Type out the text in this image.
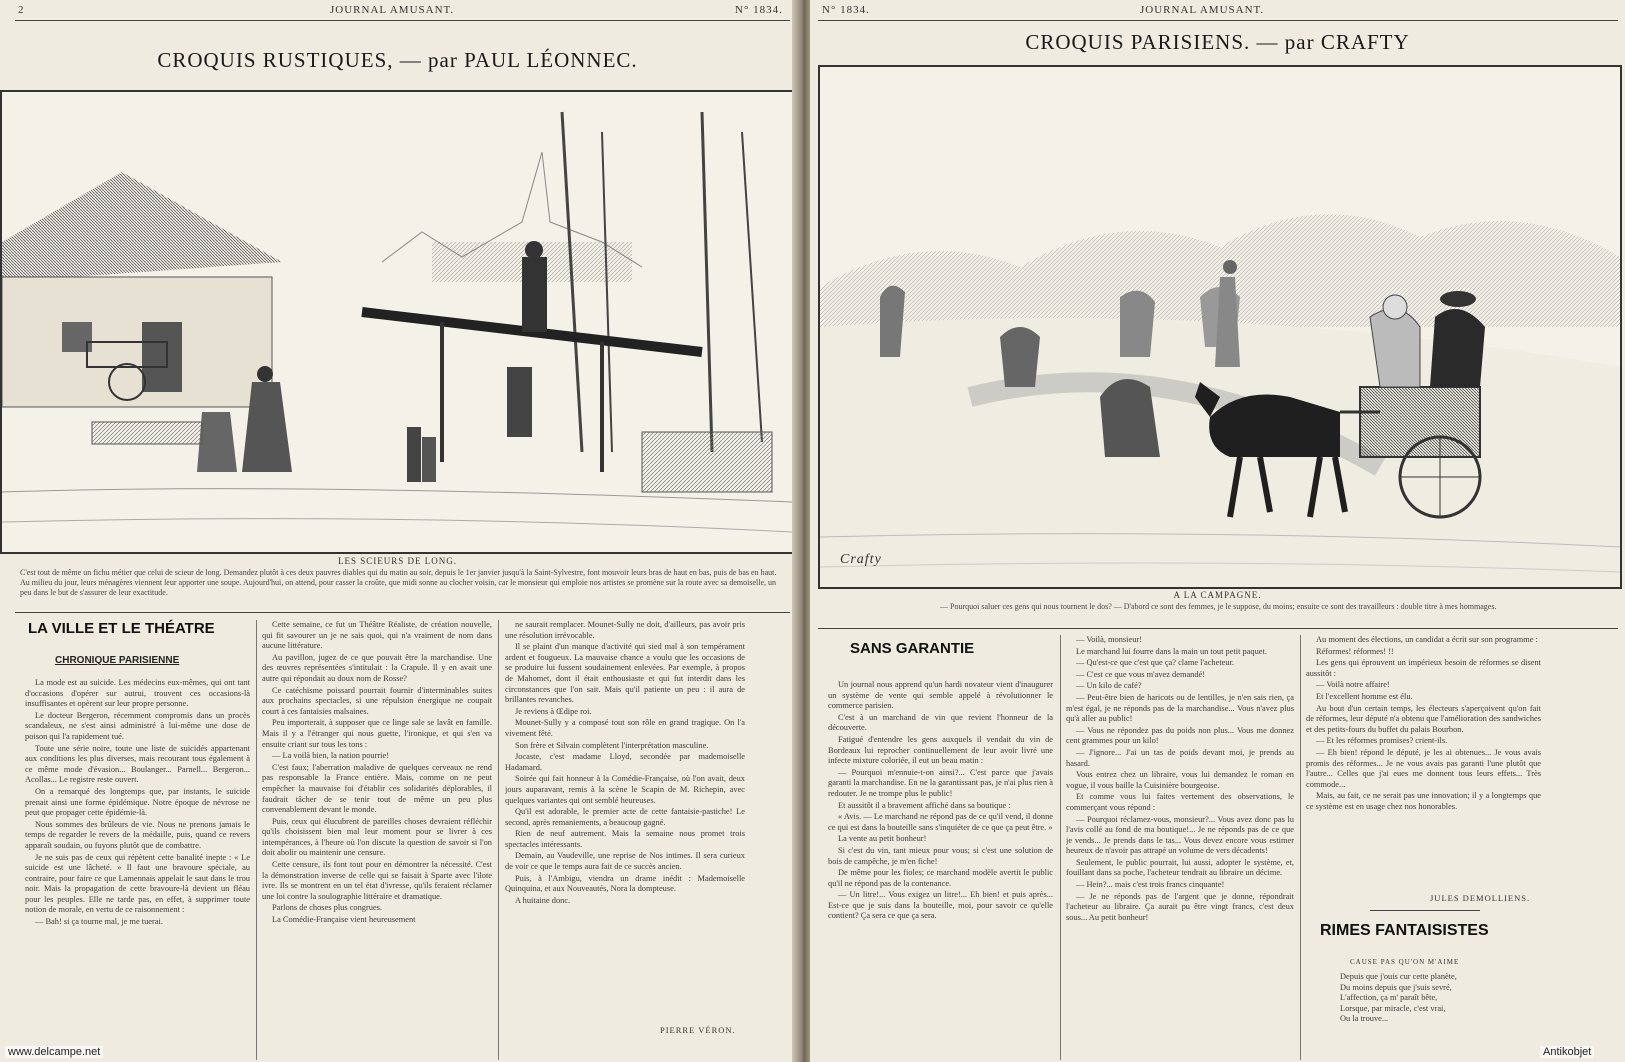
2	JOURNAL AMUSANT.	N° 1834.
CROQUIS RUSTIQUES, — par PAUL LÉONNEC.
LES SCIEURS DE LONG.
C'est tout de même un fichu métier que celui de scieur de long. Demandez plutôt à ces deux pauvres diables qui du matin au soir, depuis le 1er janvier jusqu'à la Saint-Sylvestre, font mouvoir leurs bras de haut en bas, puis de bas en haut. Au milieu du jour, leurs ménagères viennent leur apporter une soupe. Aujourd'hui, on attend, pour casser la croûte, que midi sonne au clocher voisin, car le monsieur qui emploie nos artistes se promène sur la route avec sa demoiselle, un peu dans le but de s'assurer de leur exactitude.
LA VILLE ET LE THÉATRE
CHRONIQUE PARISIENNE

La mode est au suicide. Les médecins eux-mêmes, qui ont tant d'occasions d'opérer sur autrui, trouvent ces occasions-là insuffisantes et opèrent sur leur propre personne.

Le docteur Bergeron, récemment compromis dans un procès scandaleux, ne s'est ainsi administré à lui-même une dose de poison qui l'a rapidement tué.

Toute une série noire, toute une liste de suicidés appartenant aux conditions les plus diverses, mais recourant tous également à ce même mode d'évasion... Boulanger... Parnell... Bergeron... Acollas... Le registre reste ouvert.

On a remarqué des longtemps que, par instants, le suicide prenait ainsi une forme épidémique. Notre époque de névrose ne peut que propager cette épidémie-là.

Nous sommes des brûleurs de vie. Nous ne prenons jamais le temps de regarder le revers de la médaille, puis, quand ce revers apparaît soudain, ou fuyons plutôt que de combattre.

Je ne suis pas de ceux qui répètent cette banalité inepte : « Le suicide est une lâcheté. » Il faut une bravoure spéciale, au contraire, pour faire ce que Lamennais appelait le saut dans le trou noir. Mais la propagation de cette bravoure-là devient un fléau pour les peuples. Elle ne tarde pas, en effet, à supprimer toute notion de morale, en vertu de ce raisonnement :

— Bah! si ça tourne mal, je me tuerai.

Cette semaine, ce fut un Théâtre Réaliste, de création nouvelle, qui fit savourer un je ne sais quoi, qui n'a vraiment de nom dans aucune littérature.

Au pavillon, jugez de ce que pouvait être la marchandise. Une des œuvres représentées s'intitulait : la Crapule. Il y en avait une autre qui répondait au doux nom de Rosse?

Ce catéchisme poissard pourrait fournir d'interminables suites aux prochains spectacles, si une répulsion énergique ne coupait court à ces fantaisies malsaines.

Peu importerait, à supposer que ce linge sale se lavât en famille. Mais il y a l'étranger qui nous guette, l'ironique, et qui s'en va ensuite criant sur tous les tons :

— La voilà bien, la nation pourrie!

C'est faux; l'aberration maladive de quelques cerveaux ne rend pas responsable la France entière. Mais, comme on ne peut empêcher la mauvaise foi d'établir ces solidarités déplorables, il faudrait tâcher de se tenir tout de même un peu plus convenablement devant le monde.

Puis, ceux qui élucubrent de pareilles choses devraient réfléchir qu'ils choisissent bien mal leur moment pour se livrer à ces intempérances, à l'heure où l'on discute la question de savoir si l'on doit abolir ou maintenir une censure.

Cette censure, ils font tout pour en démontrer la nécessité. C'est la démonstration inverse de celle qui se faisait à Sparte avec l'ilote ivre. Ils se montrent en un tel état d'ivresse, qu'ils feraient réclamer une loi contre la soulographie littéraire et dramatique.

Parlons de choses plus congrues.

La Comédie-Française vient heureusement

ne saurait remplacer. Mounet-Sully ne doit, d'ailleurs, pas avoir pris une résolution irrévocable.

Il se plaint d'un manque d'activité qui sied mal à son tempérament ardent et fougueux. La mauvaise chance a voulu que les occasions de se produire lui fussent soudainement enlevées. Par exemple, à propos de Mahomet, dont il était enthousiaste et qui fut interdit dans les circonstances que l'on sait. Mais qu'il patiente un peu : il aura de brillantes revanches.

Je reviens à Œdipe roi.

Mounet-Sully y a composé tout son rôle en grand tragique. On l'a vivement fêté.

Son frère et Silvain complètent l'interprétation masculine.

Jocaste, c'est madame Lloyd, secondée par mademoiselle Hadamard.

Soirée qui fait honneur à la Comédie-Française, où l'on avait, deux jours auparavant, remis à la scène le Scapin de M. Richepin, avec quelques variantes qui ont semblé heureuses.

Qu'il est adorable, le premier acte de cette fantaisie-pastiche! Le second, après remaniements, a beaucoup gagné.

Rien de neuf autrement. Mais la semaine nous promet trois spectacles intéressants.

Demain, au Vaudeville, une reprise de Nos intimes. Il sera curieux de voir ce que le temps aura fait de ce succès ancien.

Puis, à l'Ambigu, viendra un drame inédit : Mademoiselle Quinquina, et aux Nouveautés, Nora la dompteuse.

A huitaine donc.

PIERRE VÉRON.
www.delcampe.net
N° 1834.	JOURNAL AMUSANT.
CROQUIS PARISIENS. — par CRAFTY
Crafty
A LA CAMPAGNE.
— Pourquoi saluer ces gens qui nous tournent le dos? — D'abord ce sont des femmes, je le suppose, du moins; ensuite ce sont des travailleurs : double titre à mes hommages.
SANS GARANTIE

Un journal nous apprend qu'un hardi novateur vient d'inaugurer un système de vente qui semble appelé à révolutionner le commerce parisien.

C'est à un marchand de vin que revient l'honneur de la découverte.

Fatigué d'entendre les gens auxquels il vendait du vin de Bordeaux lui reprocher continuellement de leur avoir livré une infecte mixture coloriée, il eut un beau matin :

— Pourquoi m'ennuie-t-on ainsi?... C'est parce que j'avais garanti la marchandise. En ne la garantissant pas, je n'ai plus rien à redouter. Je ne trompe plus le public!

Et aussitôt il a bravement affiché dans sa boutique :

« Avis. — Le marchand ne répond pas de ce qu'il vend, il donne ce qui est dans la bouteille sans s'inquiéter de ce que ça peut être. »

La vente au petit bonheur!

Si c'est du vin, tant mieux pour vous; si c'est une solution de bois de campêche, je m'en fiche!

De même pour les fioles; ce marchand modèle avertit le public qu'il ne répond pas de la contenance.

— Un litre!... Vous exigez un litre!... Eh bien! et puis après... Est-ce que je suis dans la bouteille, moi, pour savoir ce qu'elle contient? Ça sera ce que ça sera.

— Voilà, monsieur!

Le marchand lui fourre dans la main un tout petit paquet.

— Qu'est-ce que c'est que ça? clame l'acheteur.

— C'est ce que vous m'avez demandé!

— Un kilo de café?

— Peut-être bien de haricots ou de lentilles, je n'en sais rien, ça m'est égal, je ne réponds pas de la marchandise... Vous n'avez plus qu'à aller au public!

— Vous ne répondez pas du poids non plus... Vous me donnez cent grammes pour un kilo!

— J'ignore... J'ai un tas de poids devant moi, je prends au hasard.

Vous entrez chez un libraire, vous lui demandez le roman en vogue, il vous baille la Cuisinière bourgeoise.

Et comme vous lui faites vertement des observations, le commerçant vous répond :

— Pourquoi réclamez-vous, monsieur?... Vous avez donc pas lu l'avis collé au fond de ma boutique!... Je ne réponds pas de ce que je vends... Je prends dans le tas... Vous devez encore vous estimer heureux de n'avoir pas attrapé un volume de vers décadents!

Seulement, le public pourrait, lui aussi, adopter le système, et, fouillant dans sa poche, l'acheteur tendrait au libraire un décime.

— Hein?... mais c'est trois francs cinquante!

— Je ne réponds pas de l'argent que je donne, répondrait l'acheteur au libraire. Ça aurait pu être vingt francs, c'est deux sous... Au petit bonheur!

Au moment des élections, un candidat a écrit sur son programme :

Réformes! réformes! !!

Les gens qui éprouvent un impérieux besoin de réformes se disent aussitôt :

— Voilà notre affaire!

Et l'excellent homme est élu.

Au bout d'un certain temps, les électeurs s'aperçoivent qu'on fait de réformes, leur député n'a obtenu que l'amélioration des sandwiches et des petits-fours du buffet du palais Bourbon.

— Et les réformes promises? crient-ils.

— Eh bien! répond le député, je les ai obtenues... Je vous avais promis des réformes... Je ne vous avais pas garanti l'une plutôt que l'autre... Celles que j'ai eues me donnent tous leurs effets... Très commode...

Mais, au fait, ce ne serait pas une innovation; il y a longtemps que ce système est en usage chez nos honorables.

JULES DEMOLLIENS.
RIMES FANTAISISTES
CAUSE PAS QU'ON M'AIME
Depuis que j'ouis cur cette planète,
Du moins depuis que j'suis sevré,
L'affection, ça m' paraît bête,
Lorsque, par miracle, c'est vrai,
Ou la trouve...
Antikobjet
